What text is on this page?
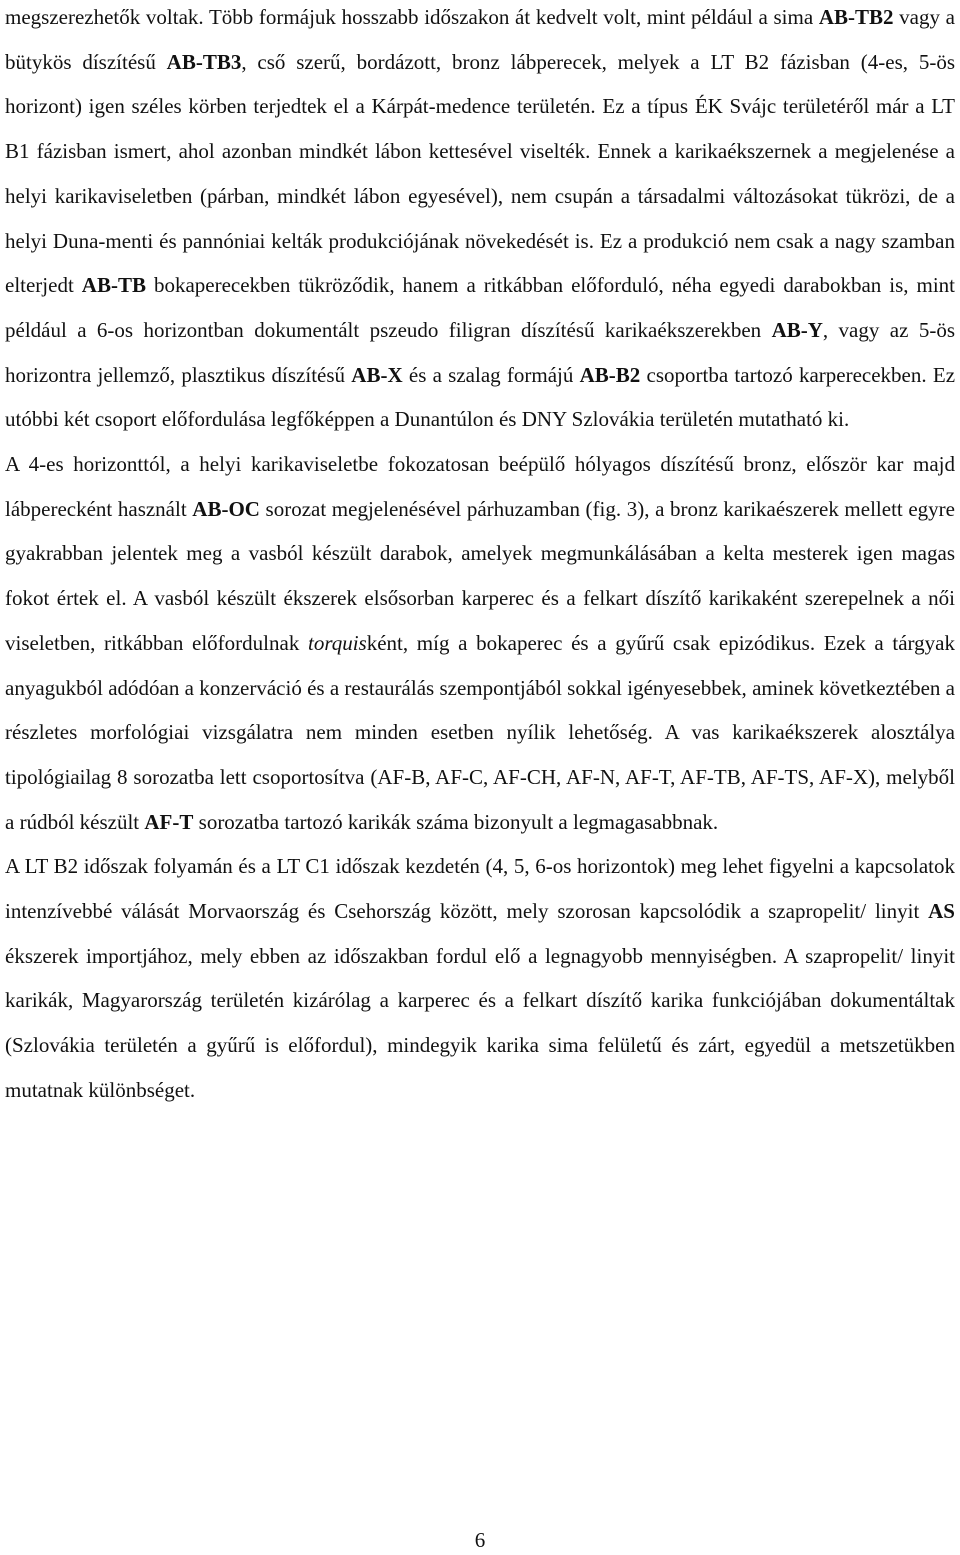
megszerezhetők voltak. Több formájuk hosszabb időszakon át kedvelt volt, mint például a sima AB-TB2 vagy a bütykös díszítésű AB-TB3, cső szerű, bordázott, bronz lábperecek, melyek a LT B2 fázisban (4-es, 5-ös horizont) igen széles körben terjedtek el a Kárpát-medence területén. Ez a típus ÉK Svájc területéről már a LT B1 fázisban ismert, ahol azonban mindkét lábon kettesével viselték. Ennek a karikaékszernek a megjelenése a helyi karikaviseletben (párban, mindkét lábon egyesével), nem csupán a társadalmi változásokat tükrözi, de a helyi Duna-menti és pannóniai kelták produkciójának növekedését is. Ez a produkció nem csak a nagy szamban elterjedt AB-TB bokaperecekben tükröződik, hanem a ritkábban előforduló, néha egyedi darabokban is, mint például a 6-os horizontban dokumentált pszeudo filigran díszítésű karikaékszerekben AB-Y, vagy az 5-ös horizontra jellemző, plasztikus díszítésű AB-X és a szalag formájú AB-B2 csoportba tartozó karperecekben. Ez utóbbi két csoport előfordulása legfőképpen a Dunantúlon és DNY Szlovákia területén mutatható ki.

A 4-es horizonttól, a helyi karikaviseletbe fokozatosan beépülő hólyagos díszítésű bronz, először kar majd lábperecként használt AB-OC sorozat megjelenésével párhuzamban (fig. 3), a bronz karikaészerek mellett egyre gyakrabban jelentek meg a vasból készült darabok, amelyek megmunkálásában a kelta mesterek igen magas fokot értek el. A vasból készült ékszerek elsősorban karperec és a felkart díszítő karikaként szerepelnek a női viseletben, ritkábban előfordulnak torquisként, míg a bokaperec és a gyűrű csak epizódikus. Ezek a tárgyak anyagukból adódóan a konzerváció és a restaurálás szempontjából sokkal igényesebbek, aminek következtében a részletes morfológiai vizsgálatra nem minden esetben nyílik lehetőség. A vas karikaékszerek alosztálya tipológiailag 8 sorozatba lett csoportosítva (AF-B, AF-C, AF-CH, AF-N, AF-T, AF-TB, AF-TS, AF-X), melyből a rúdból készült AF-T sorozatba tartozó karikák száma bizonyult a legmagasabbnak.

A LT B2 időszak folyamán és a LT C1 időszak kezdetén (4, 5, 6-os horizontok) meg lehet figyelni a kapcsolatok intenzívebbé válását Morvaország és Csehország között, mely szorosan kapcsolódik a szapropelit/ linyit AS ékszerek importjához, mely ebben az időszakban fordul elő a legnagyobb mennyiségben. A szapropelit/ linyit karikák, Magyarország területén kizárólag a karperec és a felkart díszítő karika funkciójában dokumentáltak (Szlovákia területén a gyűrű is előfordul), mindegyik karika sima felületű és zárt, egyedül a metszetükben mutatnak különbséget.

6
